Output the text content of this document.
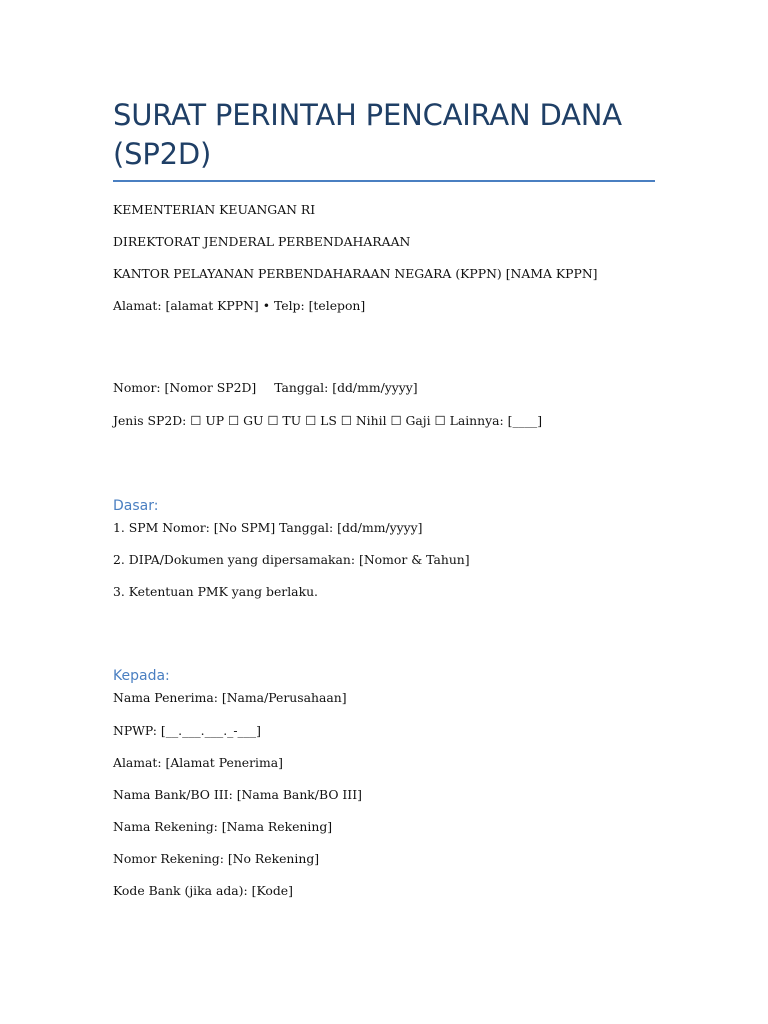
SURAT PERINTAH PENCAIRAN DANA
(SP2D)

KEMENTERIAN KEUANGAN RI

DIREKTORAT JENDERAL PERBENDAHARAAN

KANTOR PELAYANAN PERBENDAHARAAN NEGARA (KPPN) [NAMA KPPN]

Alamat: [alamat KPPN] • Telp: [telepon]

Nomor: [Nomor SP2D] Tanggal: [dd/mm/yyyy]

Jenis SP2D: ☐ UP ☐ GU ☐ TU ☐ LS ☐ Nihil ☐ Gaji ☐ Lainnya: [____]

Dasar:

1. SPM Nomor: [No SPM] Tanggal: [dd/mm/yyyy]

2. DIPA/Dokumen yang dipersamakan: [Nomor & Tahun]

3. Ketentuan PMK yang berlaku.

Kepada:

Nama Penerima: [Nama/Perusahaan]

NPWP: [__.___.___._-___]

Alamat: [Alamat Penerima]

Nama Bank/BO III: [Nama Bank/BO III]

Nama Rekening: [Nama Rekening]

Nomor Rekening: [No Rekening]

Kode Bank (jika ada): [Kode]
